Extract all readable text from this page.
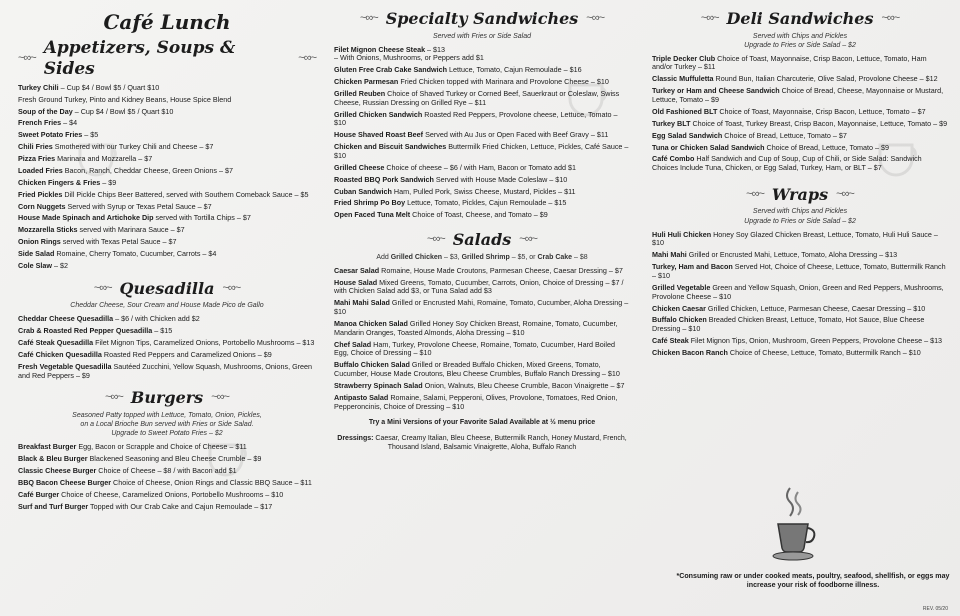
Café Lunch
~∞~
Appetizers, Soups & Sides
~∞~
Turkey Chili – Cup $4 / Bowl $5 / Quart $10
Fresh Ground Turkey, Pinto and Kidney Beans, House Spice Blend
Soup of the Day – Cup $4 / Bowl $5 / Quart $10
French Fries – $4
Sweet Potato Fries – $5
Chili Fries Smothered with our Turkey Chili and Cheese – $7
Pizza Fries Marinara and Mozzarella – $7
Loaded Fries Bacon, Ranch, Cheddar Cheese, Green Onions – $7
Chicken Fingers & Fries – $9
Fried Pickles Dill Pickle Chips Beer Battered, served with Southern Comeback Sauce – $5
Corn Nuggets Served with Syrup or Texas Petal Sauce – $7
House Made Spinach and Artichoke Dip served with Tortilla Chips – $7
Mozzarella Sticks served with Marinara Sauce – $7
Onion Rings served with Texas Petal Sauce – $7
Side Salad Romaine, Cherry Tomato, Cucumber, Carrots – $4
Cole Slaw – $2
~∞~ Quesadilla ~∞~
Cheddar Cheese, Sour Cream and House Made Pico de Gallo
Cheddar Cheese Quesadilla – $6 / with Chicken add $2
Crab & Roasted Red Pepper Quesadilla – $15
Café Steak Quesadilla Filet Mignon Tips, Caramelized Onions, Portobello Mushrooms – $13
Café Chicken Quesadilla Roasted Red Peppers and Caramelized Onions – $9
Fresh Vegetable Quesadilla Sautéed Zucchini, Yellow Squash, Mushrooms, Onions, Green and Red Peppers – $9
~∞~ Burgers ~∞~
Seasoned Patty topped with Lettuce, Tomato, Onion, Pickles,
on a Local Brioche Bun served with Fries or Side Salad.
Upgrade to Sweet Potato Fries – $2
Breakfast Burger Egg, Bacon or Scrapple and Choice of Cheese – $11
Black & Bleu Burger Blackened Seasoning and Bleu Cheese Crumble – $9
Classic Cheese Burger Choice of Cheese – $8 / with Bacon add $1
BBQ Bacon Cheese Burger Choice of Cheese, Onion Rings and Classic BBQ Sauce – $11
Café Burger Choice of Cheese, Caramelized Onions, Portobello Mushrooms – $10
Surf and Turf Burger Topped with Our Crab Cake and Cajun Remoulade – $17
~∞~ Specialty Sandwiches ~∞~
Served with Fries or Side Salad
Filet Mignon Cheese Steak – $13
– With Onions, Mushrooms, or Peppers add $1
Gluten Free Crab Cake Sandwich Lettuce, Tomato, Cajun Remoulade – $16
Chicken Parmesan Fried Chicken topped with Marinara and Provolone Cheese – $10
Grilled Reuben Choice of Shaved Turkey or Corned Beef, Sauerkraut or Coleslaw, Swiss Cheese, Russian Dressing on Grilled Rye – $11
Grilled Chicken Sandwich Roasted Red Peppers, Provolone cheese, Lettuce, Tomato – $10
House Shaved Roast Beef Served with Au Jus or Open Faced with Beef Gravy – $11
Chicken and Biscuit Sandwiches Buttermilk Fried Chicken, Lettuce, Pickles, Café Sauce – $10
Grilled Cheese Choice of cheese – $6 / with Ham, Bacon or Tomato add $1
Roasted BBQ Pork Sandwich Served with House Made Coleslaw – $10
Cuban Sandwich Ham, Pulled Pork, Swiss Cheese, Mustard, Pickles – $11
Fried Shrimp Po Boy Lettuce, Tomato, Pickles, Cajun Remoulade – $15
Open Faced Tuna Melt Choice of Toast, Cheese, and Tomato – $9
~∞~ Salads ~∞~
Add Grilled Chicken – $3, Grilled Shrimp – $5, or Crab Cake – $8
Caesar Salad Romaine, House Made Croutons, Parmesan Cheese, Caesar Dressing – $7
House Salad Mixed Greens, Tomato, Cucumber, Carrots, Onion, Choice of Dressing – $7 / with Chicken Salad add $3, or Tuna Salad add $3
Mahi Mahi Salad Grilled or Encrusted Mahi, Romaine, Tomato, Cucumber, Aloha Dressing – $10
Manoa Chicken Salad Grilled Honey Soy Chicken Breast, Romaine, Tomato, Cucumber, Mandarin Oranges, Toasted Almonds, Aloha Dressing – $10
Chef Salad Ham, Turkey, Provolone Cheese, Romaine, Tomato, Cucumber, Hard Boiled Egg, Choice of Dressing – $10
Buffalo Chicken Salad Grilled or Breaded Buffalo Chicken, Mixed Greens, Tomato, Cucumber, House Made Croutons, Bleu Cheese Crumbles, Buffalo Ranch Dressing – $10
Strawberry Spinach Salad Onion, Walnuts, Bleu Cheese Crumble, Bacon Vinaigrette – $7
Antipasto Salad Romaine, Salami, Pepperoni, Olives, Provolone, Tomatoes, Red Onion, Pepperoncinis, Choice of Dressing – $10
Try a Mini Versions of your Favorite Salad Available at ½ menu price
Dressings: Caesar, Creamy Italian, Bleu Cheese, Buttermilk Ranch, Honey Mustard, French, Thousand Island, Balsamic Vinaigrette, Aloha, Buffalo Ranch
~∞~ Deli Sandwiches ~∞~
Served with Chips and Pickles
Upgrade to Fries or Side Salad – $2
Triple Decker Club Choice of Toast, Mayonnaise, Crisp Bacon, Lettuce, Tomato, Ham and/or Turkey – $11
Classic Muffuletta Round Bun, Italian Charcuterie, Olive Salad, Provolone Cheese – $12
Turkey or Ham and Cheese Sandwich Choice of Bread, Cheese, Mayonnaise or Mustard, Lettuce, Tomato – $9
Old Fashioned BLT Choice of Toast, Mayonnaise, Crisp Bacon, Lettuce, Tomato – $7
Turkey BLT Choice of Toast, Turkey Breast, Crisp Bacon, Mayonnaise, Lettuce, Tomato – $9
Egg Salad Sandwich Choice of Bread, Lettuce, Tomato – $7
Tuna or Chicken Salad Sandwich Choice of Bread, Lettuce, Tomato – $9
Café Combo Half Sandwich and Cup of Soup, Cup of Chili, or Side Salad: Sandwich Choices Include Tuna, Chicken, or Egg Salad, Turkey, Ham, or BLT – $7
~∞~ Wraps ~∞~
Served with Chips and Pickles
Upgrade to Fries or Side Salad – $2
Huli Huli Chicken Honey Soy Glazed Chicken Breast, Lettuce, Tomato, Huli Huli Sauce – $10
Mahi Mahi Grilled or Encrusted Mahi, Lettuce, Tomato, Aloha Dressing – $13
Turkey, Ham and Bacon Served Hot, Choice of Cheese, Lettuce, Tomato, Buttermilk Ranch – $10
Grilled Vegetable Green and Yellow Squash, Onion, Green and Red Peppers, Mushrooms, Provolone Cheese – $10
Chicken Caesar Grilled Chicken, Lettuce, Parmesan Cheese, Caesar Dressing – $10
Buffalo Chicken Breaded Chicken Breast, Lettuce, Tomato, Hot Sauce, Blue Cheese Dressing – $10
Café Steak Filet Mignon Tips, Onion, Mushroom, Green Peppers, Provolone Cheese – $13
Chicken Bacon Ranch Choice of Cheese, Lettuce, Tomato, Buttermilk Ranch – $10
*Consuming raw or under cooked meats, poultry, seafood, shellfish, or eggs may increase your risk of foodborne illness.
REV. 05/20
